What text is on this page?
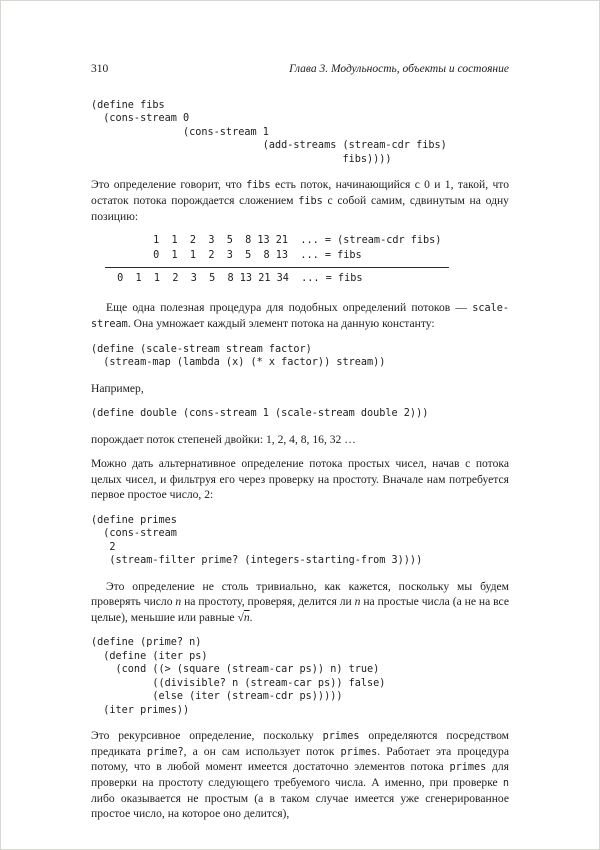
310	Глава 3. Модульность, объекты и состояние
(define fibs
(cons-stream 0
(cons-stream 1
(add-streams (stream-cdr fibs)
fibs))))

Это определение говорит, что fibs есть поток, начинающийся с 0 и 1, такой, что остаток потока порождается сложением fibs с собой самим, сдвинутым на одну позицию:

1  1  2  3  5  8 13 21  ... = (stream-cdr fibs)
0  1  1  2  3  5  8 13  ... = fibs
0  1  1  2  3  5  8 13 21 34  ... = fibs

Еще одна полезная процедура для подобных определений потоков — scale-stream. Она умножает каждый элемент потока на данную константу:

(define (scale-stream stream factor)
(stream-map (lambda (x) (* x factor)) stream))

Например,

(define double (cons-stream 1 (scale-stream double 2)))

порождает поток степеней двойки: 1, 2, 4, 8, 16, 32 …

Можно дать альтернативное определение потока простых чисел, начав с потока целых чисел, и фильтруя его через проверку на простоту. Вначале нам потребуется первое простое число, 2:

(define primes
(cons-stream
2
(stream-filter prime? (integers-starting-from 3))))

Это определение не столь тривиально, как кажется, поскольку мы будем проверять число n на простоту, проверяя, делится ли n на простые числа (а не на все целые), меньшие или равные √n.

(define (prime? n)
(define (iter ps)
(cond ((> (square (stream-car ps)) n) true)
((divisible? n (stream-car ps)) false)
(else (iter (stream-cdr ps)))))
(iter primes))

Это рекурсивное определение, поскольку primes определяются посредством предиката prime?, а он сам использует поток primes. Работает эта процедура потому, что в любой момент имеется достаточно элементов потока primes для проверки на простоту следующего требуемого числа. А именно, при проверке n либо оказывается не простым (а в таком случае имеется уже сгенерированное простое число, на которое оно делится),
